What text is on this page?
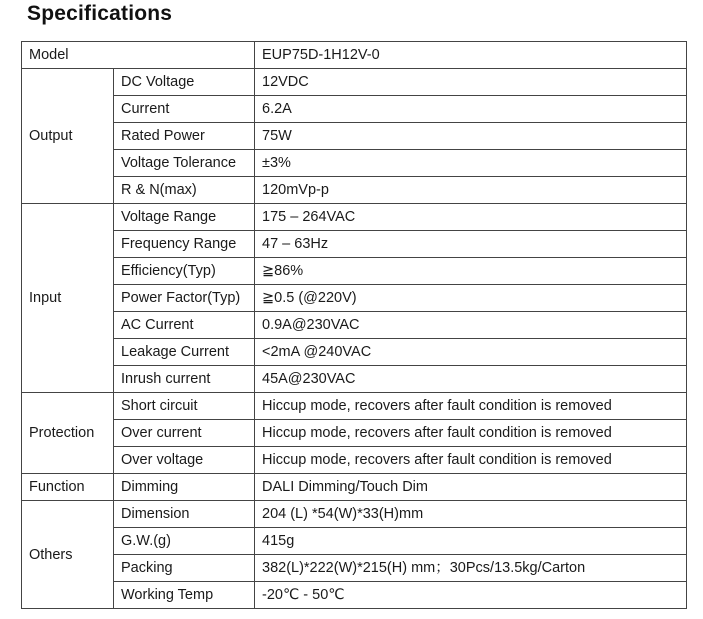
Specifications
Model		EUP75D-1H12V-0
Output	DC Voltage	12VDC
	Current	6.2A
	Rated Power	75W
	Voltage Tolerance	±3%
	R & N(max)	120mVp-p
Input	Voltage Range	175 – 264VAC
	Frequency Range	47 – 63Hz
	Efficiency(Typ)	≧86%
	Power Factor(Typ)	≧0.5 (@220V)
	AC Current	0.9A@230VAC
	Leakage Current	<2mA @240VAC
	Inrush current	45A@230VAC
Protection	Short circuit	Hiccup mode, recovers after fault condition is removed
	Over current	Hiccup mode, recovers after fault condition is removed
	Over voltage	Hiccup mode, recovers after fault condition is removed
Function	Dimming	DALI Dimming/Touch Dim
Others	Dimension	204 (L) *54(W)*33(H)mm
	G.W.(g)	415g
	Packing	382(L)*222(W)*215(H) mm；30Pcs/13.5kg/Carton
	Working Temp	-20℃ - 50℃
